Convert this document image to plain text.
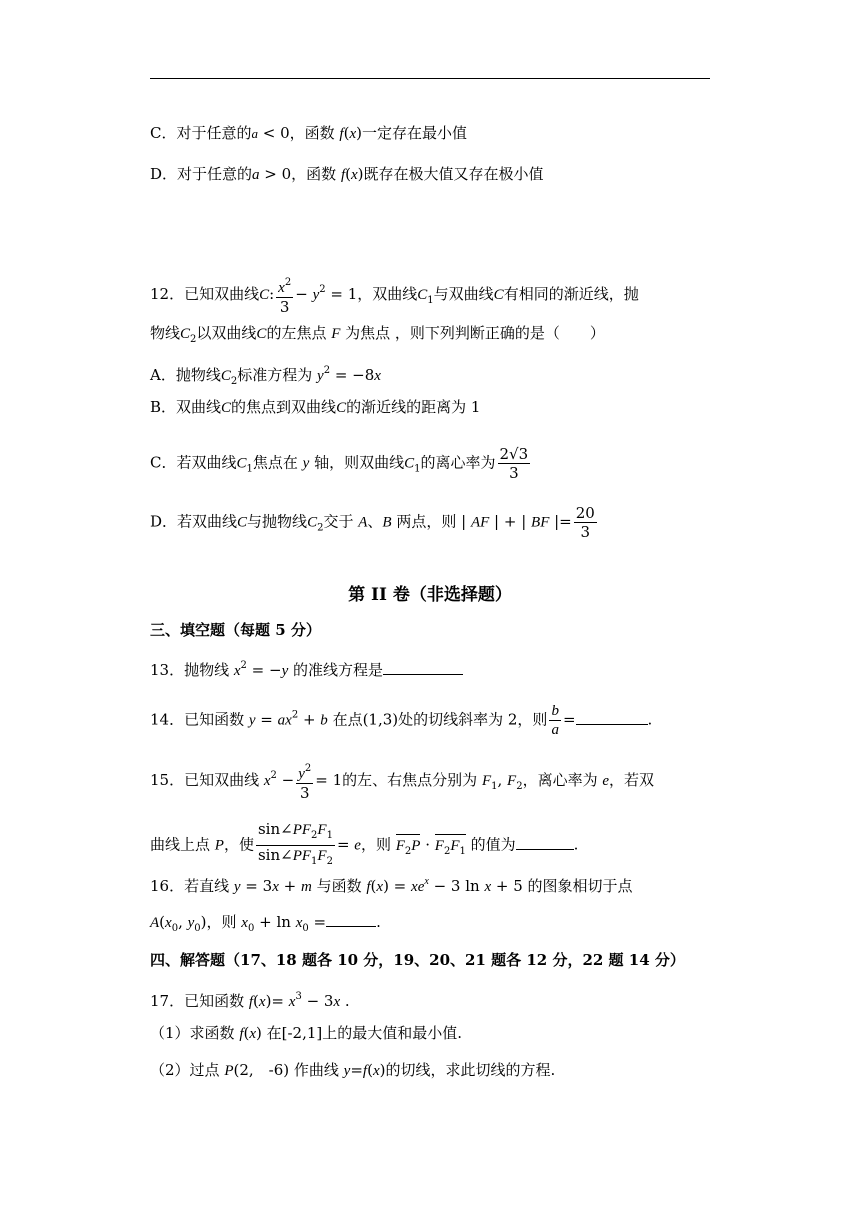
C．对于任意的a < 0，函数 f(x)一定存在最小值
D．对于任意的a > 0，函数 f(x)既存在极大值又存在极小值
12．已知双曲线C: $\frac{x^2}{3} - y^2 = 1$，双曲线$C_1$与双曲线C有相同的渐近线，抛
物线$C_2$以双曲线C的左焦点 F 为焦点 ，则下列判断正确的是（　　）
A．抛物线$C_2$标准方程为 $y^2 = -8x$
B．双曲线C的焦点到双曲线C的渐近线的距离为 1
C．若双曲线$C_1$焦点在 y 轴，则双曲线$C_1$的离心率为 $\frac{2√3}{3}$
D．若双曲线C与抛物线$C_2$交于 A、B 两点，则 | AF | + | BF |= $\frac{20}{3}$
第 II 卷（非选择题）
三、填空题（每题 5 分）
13．抛物线 $x^2 = -y$ 的准线方程是
14．已知函数 $y = ax^2 + b$ 在点(1,3)处的切线斜率为 2，则 $\frac{b}{a}$ =	.
15．已知双曲线 $x^2 - \frac{y^2}{3} = 1$的左、右焦点分别为 $F_1$, $F_2$，离心率为 e，若双
曲线上点 P，使 $\frac{\sin\angle PF_2F_1}{\sin\angle PF_1F_2} = e$，则 $F_2P \cdot F_2F_1$ 的值为	.
16．若直线 y = 3x + m 与函数 $f(x) = xe^x - 3$ ln x + 5 的图象相切于点
$A(x_0$, $y_0$)，则 $x_0 + \ln x_0$ =	.
四、解答题（17、18 题各 10 分，19、20、21 题各 12 分，22 题 14 分）
17．已知函数 $f(x)= x^3 - 3x$ .
（1）求函数 f(x) 在[-2,1]上的最大值和最小值.
（2）过点 P(2,　-6) 作曲线 y=f(x)的切线，求此切线的方程.
